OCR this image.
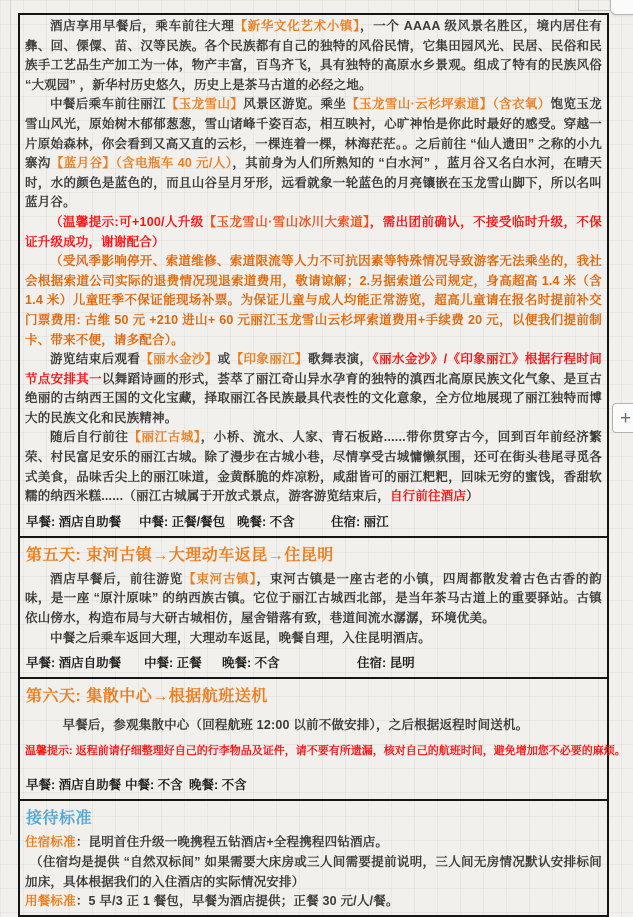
+

酒店享用早餐后，乘车前往大理【新华文化艺术小镇】，一个 AAAA 级风景名胜区，境内居住有彝、回、傈僳、苗、汉等民族。各个民族都有自己的独特的风俗民情，它集田园风光、民居、民俗和民族手工艺品生产加工为一体，物产丰富，百鸟齐飞，具有独特的高原水乡景观。组成了特有的民族风俗 “大观园” ，新华村历史悠久，历史上是茶马古道的必经之地。

中餐后乘车前往丽江【玉龙雪山】风景区游览。乘坐【玉龙雪山·云杉坪索道】（含衣氧）饱览玉龙雪山风光，原始树木郁郁葱葱，雪山诸峰千姿百态，相互映衬，心旷神怡是你此时最好的感受。穿越一片原始森林，你会看到又高又直的云杉，一棵连着一棵，林海茫茫。。之后前往 “仙人遗田” 之称的小九寨沟【蓝月谷】（含电瓶车 40 元/人），其前身为人们所熟知的 “白水河” ，蓝月谷又名白水河，在晴天时，水的颜色是蓝色的，而且山谷呈月牙形，远看就象一轮蓝色的月亮镶嵌在玉龙雪山脚下，所以名叫蓝月谷。

（温馨提示:可+100/人升级【玉龙雪山·雪山冰川大索道】，需出团前确认，不接受临时升级，不保证升级成功，谢谢配合）

（受风季影响停开、索道维修、索道限流等人力不可抗因素等特殊情况导致游客无法乘坐的，我社会根据索道公司实际的退费情况现退索道费用，敬请谅解；2.另据索道公司规定，身高超高 1.4 米（含 1.4 米）儿童旺季不保证能现场补票。为保证儿童与成人均能正常游览，超高儿童请在报名时提前补交门票费用: 古维 50 元 +210 进山+ 60 元丽江玉龙雪山云杉坪索道费用+手续费 20 元，以便我们提前制卡、带来不便，请多配合）。

游览结束后观看【丽水金沙】或【印象丽江】歌舞表演，《丽水金沙》/《印象丽江》根据行程时间节点安排其一以舞蹈诗画的形式，荟萃了丽江奇山异水孕育的独特的滇西北高原民族文化气象、是亘古绝丽的古纳西王国的文化宝藏，择取丽江各民族最具代表性的文化意象，全方位地展现了丽江独特而博大的民族文化和民族精神。

随后自行前往【丽江古城】，小桥、流水、人家、青石板路......带你贯穿古今，回到百年前经济繁荣、村民富足安乐的丽江古城。除了漫步在古城小巷，尽情享受古城慵懒氛围，还可在街头巷尾寻觅各式美食，品味舌尖上的丽江味道，金黄酥脆的炸凉粉，咸甜皆可的丽江粑粑，回味无穷的蜜饯，香甜软糯的纳西米糕......（丽江古城属于开放式景点，游客游览结束后，自行前往酒店）

早餐: 酒店自助餐 中餐: 正餐/餐包 晚餐: 不含	住宿: 丽江

第五天: 束河古镇→大理动车返昆→住昆明

酒店早餐后，前往游览【束河古镇】，束河古镇是一座古老的小镇，四周都散发着古色古香的韵味，是一座 “原汁原味” 的纳西族古镇。它位于丽江古城西北部，是当年茶马古道上的重要驿站。古镇依山傍水，构造布局与大研古城相仿，屋舍错落有致，巷道间流水潺潺，环境优美。

中餐之后乘车返回大理，大理动车返昆，晚餐自理，入住昆明酒店。

早餐: 酒店自助餐 中餐: 正餐 晚餐: 不含	住宿: 昆明

第六天: 集散中心→根据航班送机

早餐后，参观集散中心（回程航班 12:00 以前不做安排），之后根据返程时间送机。

温馨提示: 返程前请仔细整理好自己的行李物品及证件，请不要有所遗漏，核对自己的航班时间，避免增加您不必要的麻烦。

早餐: 酒店自助餐 中餐: 不含 晚餐: 不含

接待标准

住宿标准：昆明首住升级一晚携程五钻酒店+全程携程四钻酒店。

（住宿均是提供 “自然双标间” 如果需要大床房或三人间需要提前说明，三人间无房情况默认安排标间加床，具体根据我们的入住酒店的实际情况安排）

用餐标准：5 早/3 正 1 餐包，早餐为酒店提供；正餐 30 元/人/餐。
